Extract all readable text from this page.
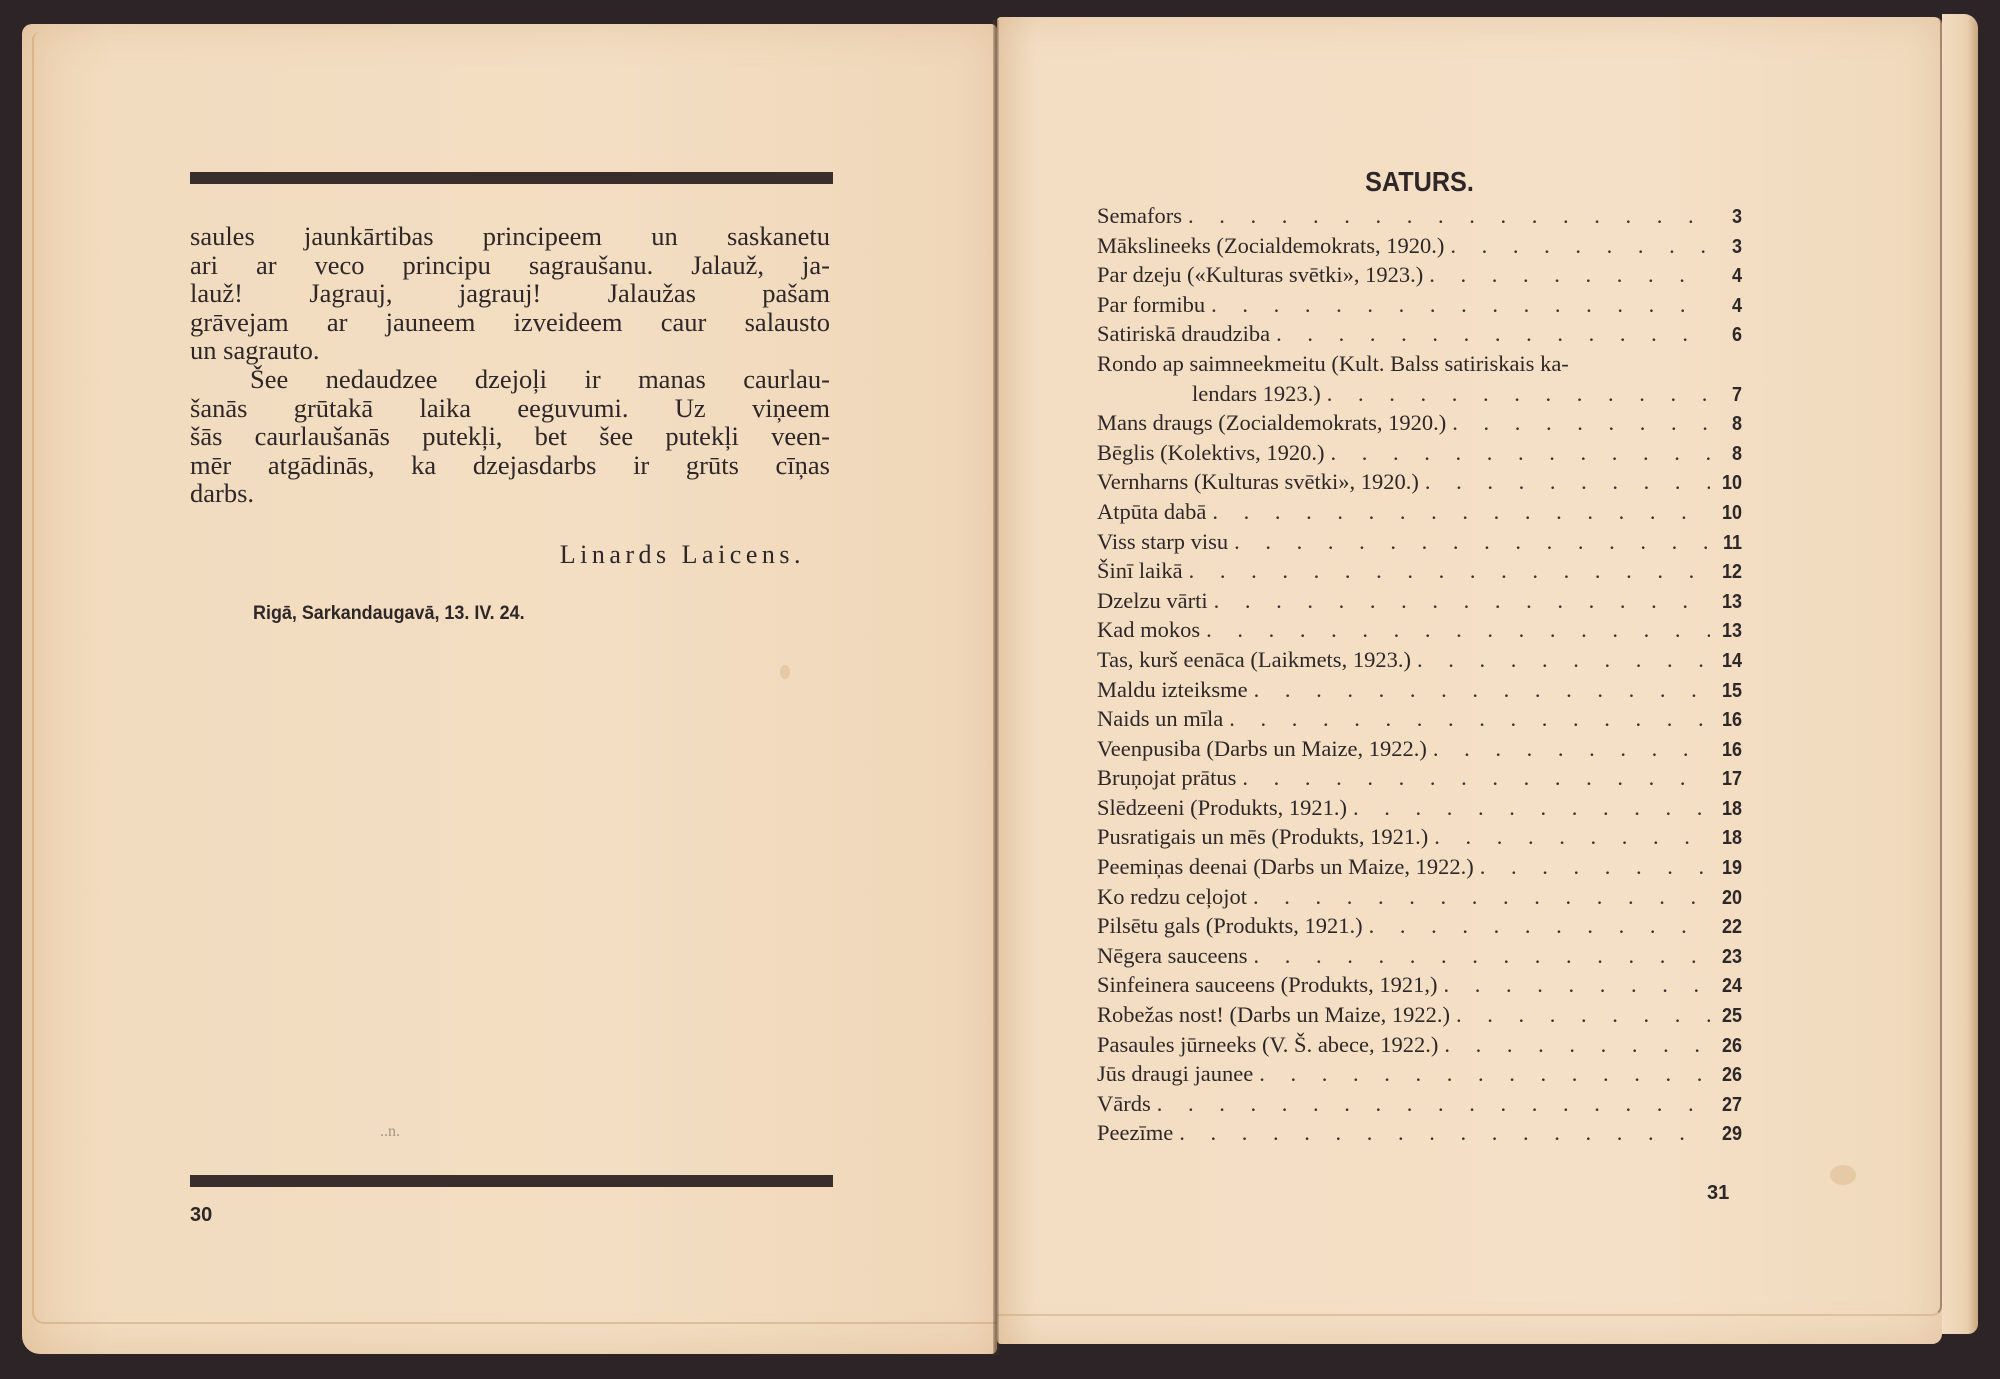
saules jaunkārtibas principeem un saskanetu
ari ar veco principu sagraušanu. Jalauž, ja-
lauž! Jagrauj, jagrauj! Jalaužas pašam
grāvejam ar jauneem izveideem caur salausto
un sagrauto.
Šee nedaudzee dzejoļi ir manas caurlau-
šanās grūtakā laika eeguvumi. Uz viņeem
šās caurlaušanās putekļi, bet šee putekļi veen-
mēr atgādinās, ka dzejasdarbs ir grūts cīņas
darbs.
Linards Laicens.
Rigā, Sarkandaugavā, 13. IV. 24.
..n.
30
SATURS.
Semafors . . .	3
Mākslineeks (Zocialdemokrats, 1920.) . . .	3
Par dzeju («Kulturas svētki», 1923.) . . .	4
Par formibu . . .	4
Satiriskā draudziba . . .	6
Rondo ap saimneekmeitu (Kult. Balss satiriskais ka-
lendars 1923.) . . .	7
Mans draugs (Zocialdemokrats, 1920.) . . .	8
Bēglis (Kolektivs, 1920.) . . .	8
Vernharns (Kulturas svētki», 1920.) . . .	10
Atpūta dabā . . .	10
Viss starp visu . . .	11
Šinī laikā . . .	12
Dzelzu vārti . . .	13
Kad mokos . . .	13
Tas, kurš eenāca (Laikmets, 1923.) . . .	14
Maldu izteiksme . . .	15
Naids un mīla . . .	16
Veenpusiba (Darbs un Maize, 1922.) . . .	16
Bruņojat prātus . . .	17
Slēdzeeni (Produkts, 1921.) . . .	18
Pusratigais un mēs (Produkts, 1921.) . . .	18
Peemiņas deenai (Darbs un Maize, 1922.) . . .	19
Ko redzu ceļojot . . .	20
Pilsētu gals (Produkts, 1921.) . . .	22
Nēgera sauceens . . .	23
Sinfeinera sauceens (Produkts, 1921,) . . .	24
Robežas nost! (Darbs un Maize, 1922.) . . .	25
Pasaules jūrneeks (V. Š. abece, 1922.) . . .	26
Jūs draugi jaunee . . .	26
Vārds . . .	27
Peezīme . . .	29
31
